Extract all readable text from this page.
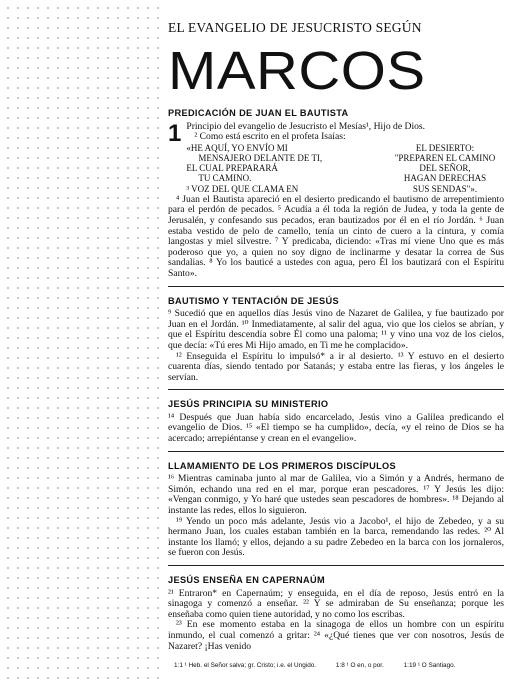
EL EVANGELIO DE JESUCRISTO SEGÚN
MARCOS
PREDICACIÓN DE JUAN EL BAUTISTA

1 Principio del evangelio de Jesucristo el Mesías¹, Hijo de Dios.

² Como está escrito en el profeta Isaías:

«HE AQUÍ, YO ENVÍO MI
MENSAJERO DELANTE DE TI,
EL CUAL PREPARARÁ
TU CAMINO.
³ VOZ DEL QUE CLAMA EN
EL DESIERTO:
"PREPAREN EL CAMINO
DEL SEÑOR,
HAGAN DERECHAS
SUS SENDAS"».

⁴ Juan el Bautista apareció en el desierto predicando el bautismo de arrepentimiento para el perdón de pecados. ⁵ Acudía a él toda la región de Judea, y toda la gente de Jerusalén, y confesando sus pecados, eran bautizados por él en el río Jordán. ⁶ Juan estaba vestido de pelo de camello, tenía un cinto de cuero a la cintura, y comía langostas y miel silvestre. ⁷ Y predicaba, diciendo: «Tras mí viene Uno que es más poderoso que yo, a quien no soy digno de inclinarme y desatar la correa de Sus sandalias. ⁸ Yo los bauticé a ustedes con agua, pero Él los bautizará con el Espíritu Santo».

BAUTISMO Y TENTACIÓN DE JESÚS

⁹ Sucedió que en aquellos días Jesús vino de Nazaret de Galilea, y fue bautizado por Juan en el Jordán. ¹⁰ Inmediatamente, al salir del agua, vio que los cielos se abrían, y que el Espíritu descendía sobre Él como una paloma; ¹¹ y vino una voz de los cielos, que decía: «Tú eres Mi Hijo amado, en Ti me he complacido».

¹² Enseguida el Espíritu lo impulsó* a ir al desierto. ¹³ Y estuvo en el desierto cuarenta días, siendo tentado por Satanás; y estaba entre las fieras, y los ángeles le servían.

JESÚS PRINCIPIA SU MINISTERIO

¹⁴ Después que Juan había sido encarcelado, Jesús vino a Galilea predicando el evangelio de Dios. ¹⁵ «El tiempo se ha cumplido», decía, «y el reino de Dios se ha acercado; arrepiéntanse y crean en el evangelio».

LLAMAMIENTO DE LOS PRIMEROS DISCÍPULOS

¹⁶ Mientras caminaba junto al mar de Galilea, vio a Simón y a Andrés, hermano de Simón, echando una red en el mar, porque eran pescadores. ¹⁷ Y Jesús les dijo: «Vengan conmigo, y Yo haré que ustedes sean pescadores de hombres». ¹⁸ Dejando al instante las redes, ellos lo siguieron.

¹⁹ Yendo un poco más adelante, Jesús vio a Jacobo¹, el hijo de Zebedeo, y a su hermano Juan, los cuales estaban también en la barca, remendando las redes. ²⁰ Al instante los llamó; y ellos, dejando a su padre Zebedeo en la barca con los jornaleros, se fueron con Jesús.

JESÚS ENSEÑA EN CAPERNAÚM

²¹ Entraron* en Capernaúm; y enseguida, en el día de reposo, Jesús entró en la sinagoga y comenzó a enseñar. ²² Y se admiraban de Su enseñanza; porque les enseñaba como quien tiene autoridad, y no como los escribas.

²³ En ese momento estaba en la sinagoga de ellos un hombre con un espíritu inmundo, el cual comenzó a gritar: ²⁴ «¿Qué tienes que ver con nosotros, Jesús de Nazaret? ¡Has venido

1:1 ¹ Heb. el Señor salva; gr. Cristo; i.e. el Ungido.	1:8 ¹ O en, o por.	1:19 ¹ O Santiago.
